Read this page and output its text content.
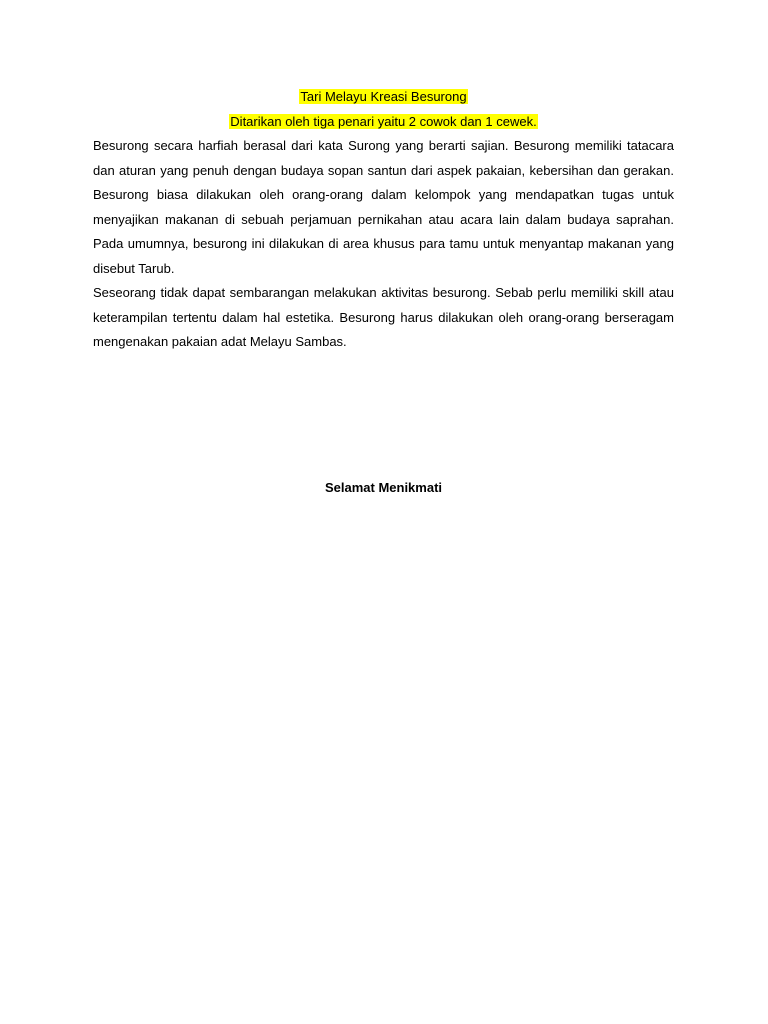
Tari Melayu Kreasi Besurong
Ditarikan oleh tiga penari yaitu 2 cowok dan 1 cewek.

Besurong secara harfiah berasal dari kata Surong yang berarti sajian. Besurong memiliki tatacara dan aturan yang penuh dengan budaya sopan santun dari aspek pakaian, kebersihan dan gerakan. Besurong biasa dilakukan oleh orang-orang dalam kelompok yang mendapatkan tugas untuk menyajikan makanan di sebuah perjamuan pernikahan atau acara lain dalam budaya saprahan. Pada umumnya, besurong ini dilakukan di area khusus para tamu untuk menyantap makanan yang disebut Tarub.

Seseorang tidak dapat sembarangan melakukan aktivitas besurong. Sebab perlu memiliki skill atau keterampilan tertentu dalam hal estetika. Besurong harus dilakukan oleh orang-orang berseragam mengenakan pakaian adat Melayu Sambas.

Selamat Menikmati
